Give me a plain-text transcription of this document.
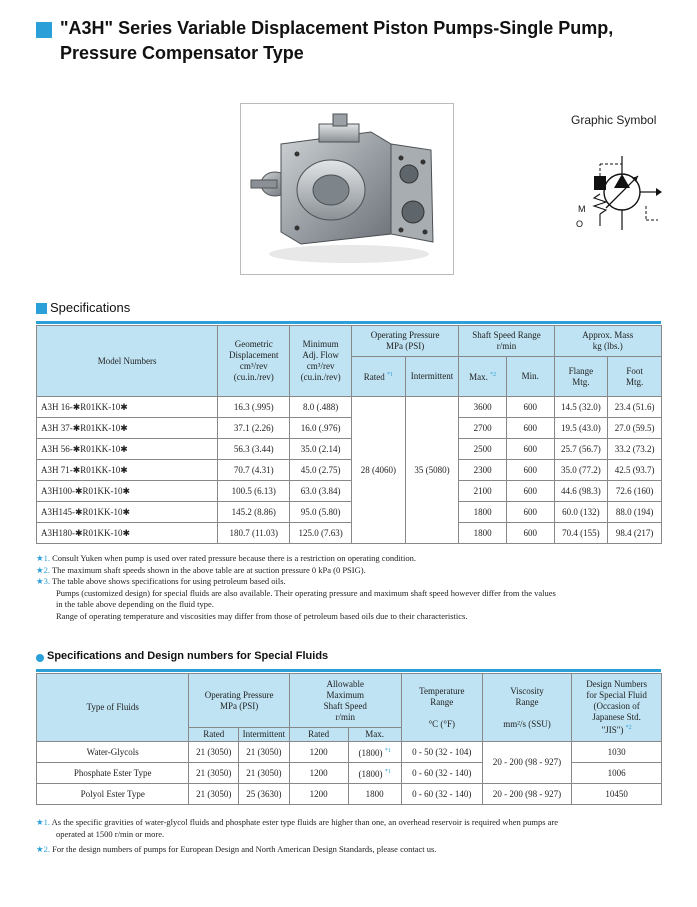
"A3H" Series Variable Displacement Piston Pumps-Single Pump,
Pressure Compensator Type
Graphic Symbol
M
O
Specifications
Model Numbers	Geometric
Displacement
cm³/rev
(cu.in./rev)	Minimum
Adj. Flow
cm³/rev
(cu.in./rev)	Operating Pressure
MPa (PSI)		Shaft Speed Range
r/min		Approx. Mass
kg (lbs.)	
			Rated $^{*1}$	Intermittent	Max. $^{*2}$	Min.	Flange
Mtg.	Foot
Mtg.
A3H 16-✱R01KK-10✱	16.3 (.995)	8.0 (.488)	28 (4060)	35 (5080)	3600	600	14.5 (32.0)	23.4 (51.6)
A3H 37-✱R01KK-10✱	37.1 (2.26)	16.0 (.976)			2700	600	19.5 (43.0)	27.0 (59.5)
A3H 56-✱R01KK-10✱	56.3 (3.44)	35.0 (2.14)			2500	600	25.7 (56.7)	33.2 (73.2)
A3H 71-✱R01KK-10✱	70.7 (4.31)	45.0 (2.75)			2300	600	35.0 (77.2)	42.5 (93.7)
A3H100-✱R01KK-10✱	100.5 (6.13)	63.0 (3.84)			2100	600	44.6 (98.3)	72.6 (160)
A3H145-✱R01KK-10✱	145.2 (8.86)	95.0 (5.80)			1800	600	60.0 (132)	88.0 (194)
A3H180-✱R01KK-10✱	180.7 (11.03)	125.0 (7.63)			1800	600	70.4 (155)	98.4 (217)

★1. Consult Yuken when pump is used over rated pressure because there is a restriction on operating condition.

★2. The maximum shaft speeds shown in the above table are at suction pressure 0 kPa (0 PSIG).

★3. The table above shows specifications for using petroleum based oils.

Pumps (customized design) for special fluids are also available. Their operating pressure and maximum shaft speed however differ from the values

in the table above depending on the fluid type.

Range of operating temperature and viscosities may differ from those of petroleum based oils due to their characteristics.

Specifications and Design numbers for Special Fluids
Type of Fluids	Operating Pressure
MPa (PSI)		Allowable
Maximum
Shaft Speed
r/min		Temperature
Range

°C (°F)	Viscosity
Range

mm²/s (SSU)	Design Numbers
for Special Fluid
(Occasion of
Japanese Std.
"JIS") $^{*2}$
	Rated	Intermittent	Rated	Max.			
Water-Glycols	21 (3050)	21 (3050)	1200	(1800) $^{*1}$	0 - 50 (32 - 104)	20 - 200 (98 - 927)	1030
Phosphate Ester Type	21 (3050)	21 (3050)	1200	(1800) $^{*1}$	0 - 60 (32 - 140)		1006
Polyol Ester Type	21 (3050)	25 (3630)	1200	1800	0 - 60 (32 - 140)	20 - 200 (98 - 927)	10450

★1. As the specific gravities of water-glycol fluids and phosphate ester type fluids are higher than one, an overhead reservoir is required when pumps are

operated at 1500 r/min or more.

★2. For the design numbers of pumps for European Design and North American Design Standards, please contact us.
